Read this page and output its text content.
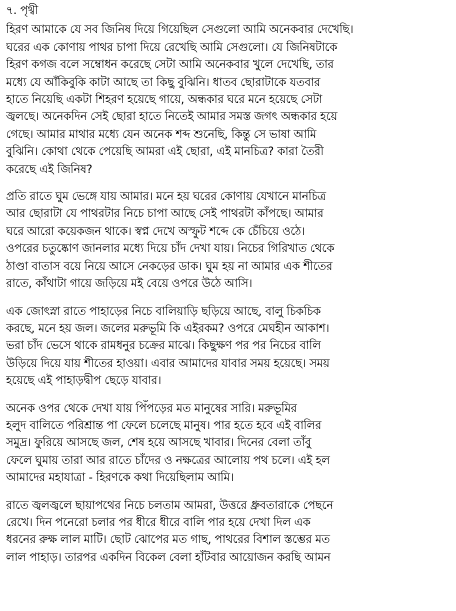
৭. পৃথ্বী
হিরণ আমাকে যে সব জিনিষ দিয়ে গিয়েছিল সেগুলো আমি অনেকবার দেখেছি।
ঘরের এক কোণায় পাথর চাপা দিয়ে রেখেছি আমি সেগুলো। যে জিনিষটাকে
হিরণ কগজ বলে সম্বোধন করেছে সেটা আমি অনেকবার খুলে দেখেছি, তার
মধ্যে যে আঁকিবুকি কাটা আছে তা কিছু বুঝিনি। ধাতব ছোরাটাকে যতবার
হাতে নিয়েছি একটা শিহরণ হয়েছে গায়ে, অন্ধকার ঘরে মনে হয়েছে সেটা
জ্বলছে। অনেকদিন সেই ছোরা হাতে নিতেই আমার সমস্ত জগৎ অন্ধকার হয়ে
গেছে। আমার মাথার মধ্যে যেন অনেক শব্দ শুনেছি, কিন্তু সে ভাষা আমি
বুঝিনি। কোথা থেকে পেয়েছি আমরা এই ছোরা, এই মানচিত্র? কারা তৈরী
করেছে এই জিনিষ?
প্রতি রাতে ঘুম ভেঙ্গে যায় আমার। মনে হয় ঘরের কোণায় যেখানে মানচিত্র
আর ছোরাটা যে পাথরটার নিচে চাপা আছে সেই পাথরটা কাঁপছে। আমার
ঘরে আরো কয়েকজন থাকে। স্বপ্ন দেখে অস্ফুট শব্দে কে চেঁচিয়ে ওঠে।
ওপরের চতুষ্কোণ জানলার মধ্যে দিয়ে চাঁদ দেখা যায়। নিচের গিরিখাত থেকে
ঠাণ্ডা বাতাস বয়ে নিয়ে আসে নেকড়ের ডাক। ঘুম হয় না আমার এক শীতের
রাতে, কাঁথাটা গায়ে জড়িয়ে মই বেয়ে ওপরে উঠে আসি।
এক জোৎস্না রাতে পাহাড়ের নিচে বালিয়াড়ি ছড়িয়ে আছে, বালু চিকচিক
করছে, মনে হয় জল। জলের মরুভূমি কি এইরকম? ওপরে মেঘহীন আকাশ।
ভরা চাঁদ ভেসে থাকে রামধনুর চক্রের মাঝে। কিছুক্ষণ পর পর নিচের বালি
উড়িয়ে দিয়ে যায় শীতের হাওয়া। এবার আমাদের যাবার সময় হয়েছে। সময়
হয়েছে এই পাহাড়দ্বীপ ছেড়ে যাবার।
অনেক ওপর থেকে দেখা যায় পিঁপড়ের মত মানুষের সারি। মরুভূমির
হলুদ বালিতে পরিশ্রান্ত পা ফেলে চলেছে মানুষ। পার হতে হবে এই বালির
সমুদ্র। ফুরিয়ে আসছে জল, শেষ হয়ে আসছে খাবার। দিনের বেলা তাঁবু
ফেলে ঘুমায় তারা আর রাতে চাঁদের ও নক্ষত্রের আলোয় পথ চলে। এই হল
আমাদের মহাযাত্রা - হিরণকে কথা দিয়েছিলাম আমি।
রাতে জ্বলজ্বলে ছায়াপথের নিচে চলতাম আমরা, উত্তরে ধ্রুবতারাকে পেছনে
রেখে। দিন পনেরো চলার পর ধীরে ধীরে বালি পার হয়ে দেখা দিল এক
ধরনের রুক্ষ লাল মাটি। ছোট ঝোপের মত গাছ, পাথরের বিশাল স্তম্ভের মত
লাল পাহাড়। তারপর একদিন বিকেল বেলা হাঁটবার আয়োজন করছি আমন
